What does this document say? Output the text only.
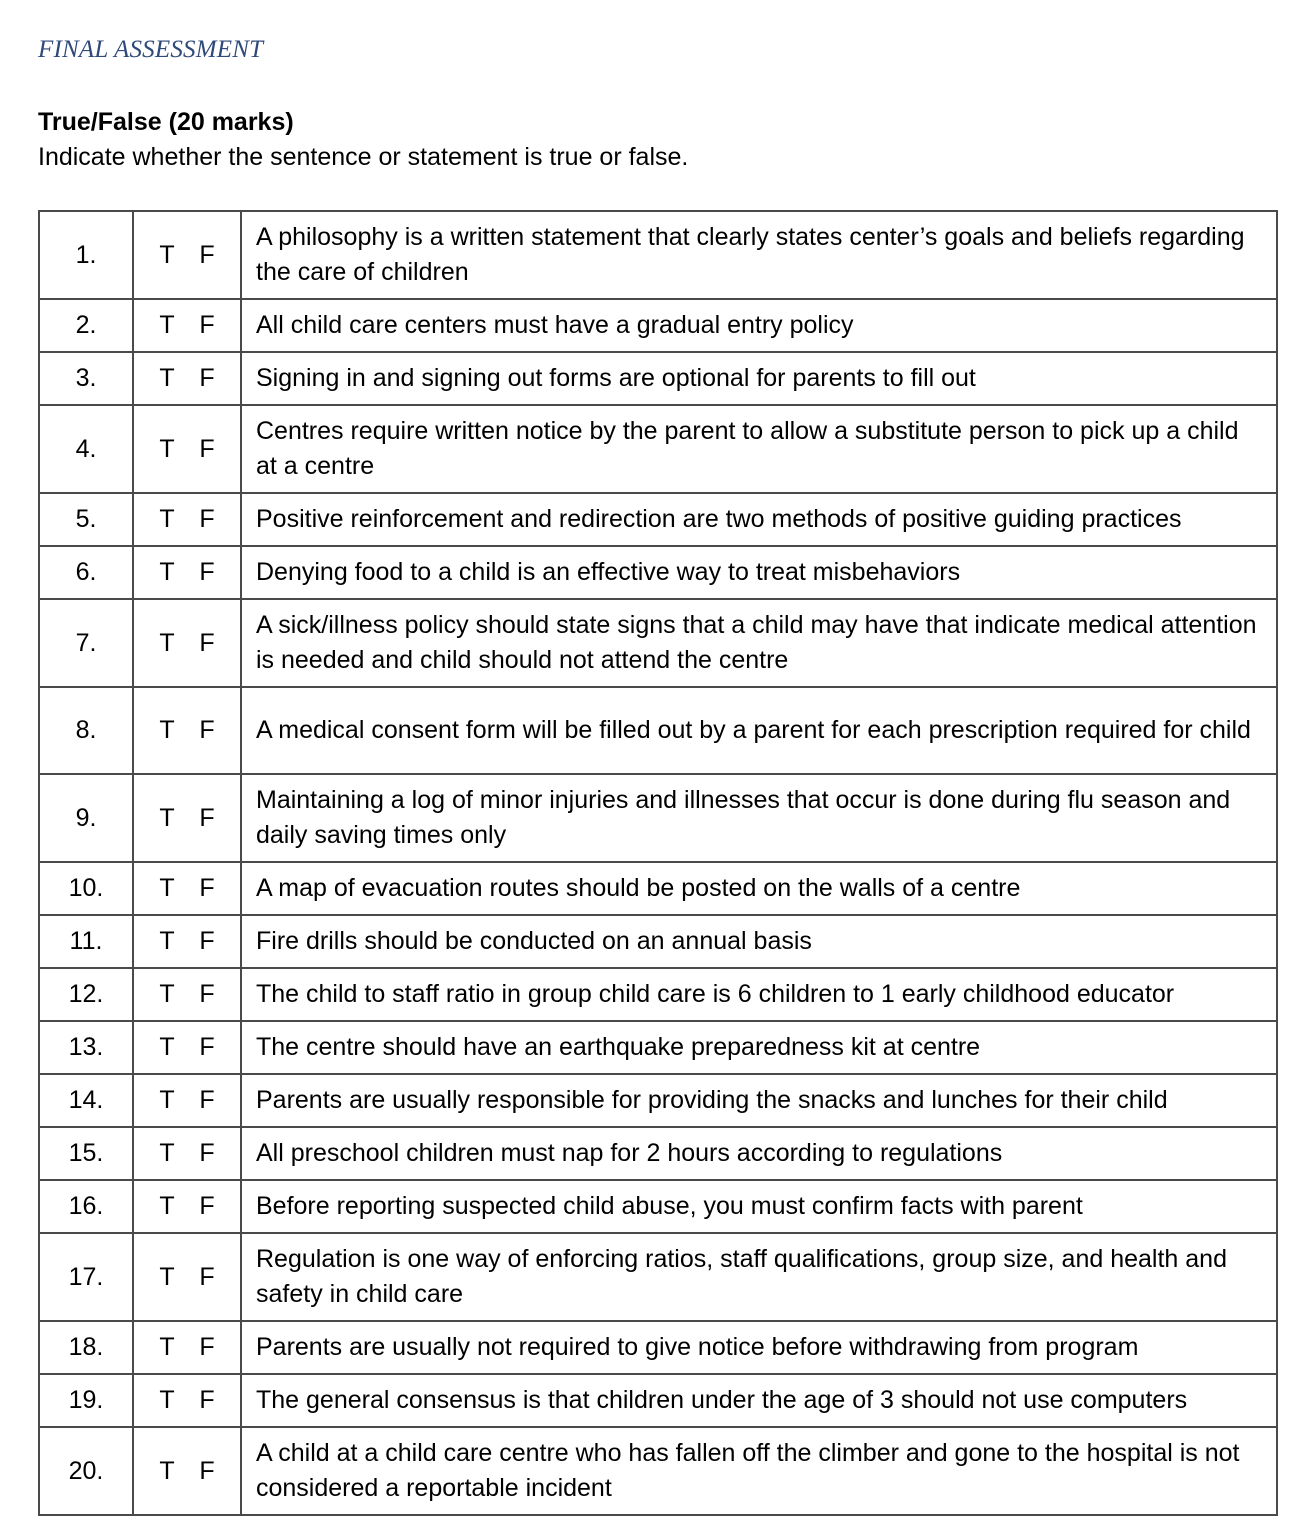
FINAL ASSESSMENT
True/False (20 marks)
Indicate whether the sentence or statement is true or false.
1.	T F	A philosophy is a written statement that clearly states center’s goals and beliefs regarding the care of children
2.	T F	All child care centers must have a gradual entry policy
3.	T F	Signing in and signing out forms are optional for parents to fill out
4.	T F	Centres require written notice by the parent to allow a substitute person to pick up a child at a centre
5.	T F	Positive reinforcement and redirection are two methods of positive guiding practices
6.	T F	Denying food to a child is an effective way to treat misbehaviors
7.	T F	A sick/illness policy should state signs that a child may have that indicate medical attention is needed and child should not attend the centre
8.	T F	A medical consent form will be filled out by a parent for each prescription required for child
9.	T F	Maintaining a log of minor injuries and illnesses that occur is done during flu season and daily saving times only
10.	T F	A map of evacuation routes should be posted on the walls of a centre
11.	T F	Fire drills should be conducted on an annual basis
12.	T F	The child to staff ratio in group child care is 6 children to 1 early childhood educator
13.	T F	The centre should have an earthquake preparedness kit at centre
14.	T F	Parents are usually responsible for providing the snacks and lunches for their child
15.	T F	All preschool children must nap for 2 hours according to regulations
16.	T F	Before reporting suspected child abuse, you must confirm facts with parent
17.	T F	Regulation is one way of enforcing ratios, staff qualifications, group size, and health and safety in child care
18.	T F	Parents are usually not required to give notice before withdrawing from program
19.	T F	The general consensus is that children under the age of 3 should not use computers
20.	T F	A child at a child care centre who has fallen off the climber and gone to the hospital is not considered a reportable incident
